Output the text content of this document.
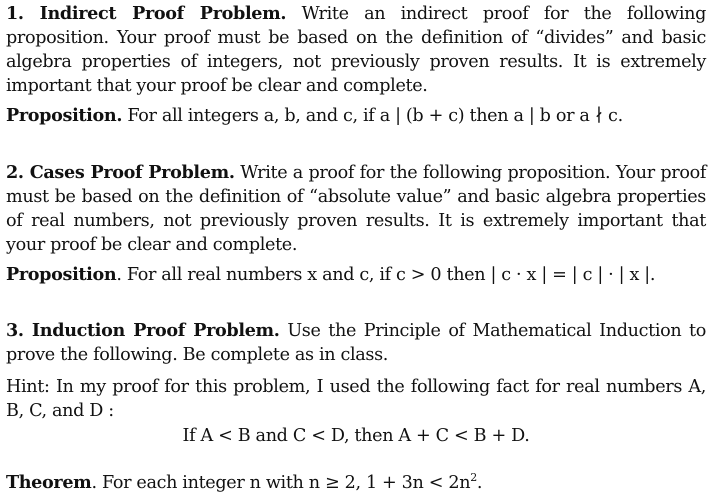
1. Indirect Proof Problem. Write an indirect proof for the following proposition. Your proof must be based on the definition of “divides” and basic algebra properties of integers, not previously proven results. It is extremely important that your proof be clear and complete.

Proposition. For all integers a, b, and c, if a | (b + c) then a | b or a ∤ c.

2. Cases Proof Problem. Write a proof for the following proposition. Your proof must be based on the definition of “absolute value” and basic algebra properties of real numbers, not previously proven results. It is extremely important that your proof be clear and complete.

Proposition. For all real numbers x and c, if c > 0 then | c · x | = | c | · | x |.

3. Induction Proof Problem. Use the Principle of Mathematical Induction to prove the following. Be complete as in class.

Hint: In my proof for this problem, I used the following fact for real numbers A, B, C, and D :

If A < B and C < D, then A + C < B + D.

Theorem. For each integer n with n ≥ 2, $1 + 3n < 2n^2$.
